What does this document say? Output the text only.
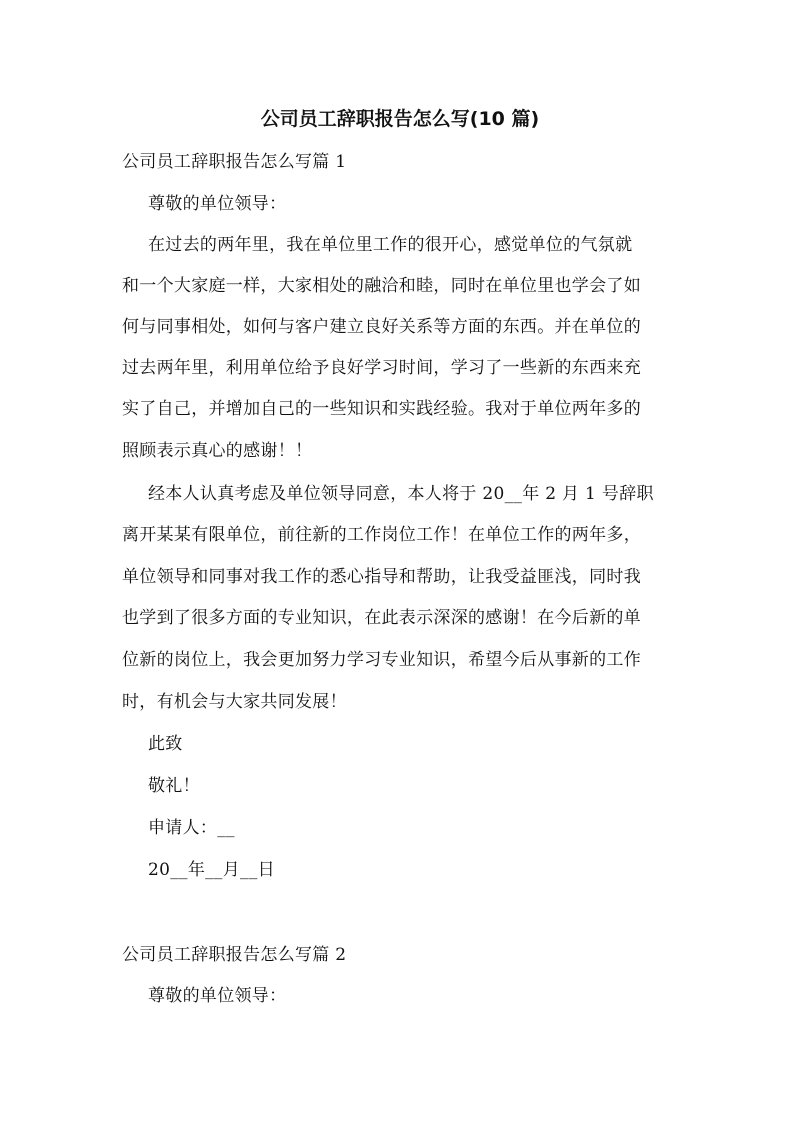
公司员工辞职报告怎么写(10 篇)
公司员工辞职报告怎么写篇 1
尊敬的单位领导：
在过去的两年里，我在单位里工作的很开心，感觉单位的气氛就
和一个大家庭一样，大家相处的融洽和睦，同时在单位里也学会了如
何与同事相处，如何与客户建立良好关系等方面的东西。并在单位的
过去两年里，利用单位给予良好学习时间，学习了一些新的东西来充
实了自己，并增加自己的一些知识和实践经验。我对于单位两年多的
照顾表示真心的感谢！！
经本人认真考虑及单位领导同意，本人将于 20__年 2 月 1 号辞职
离开某某有限单位，前往新的工作岗位工作！在单位工作的两年多，
单位领导和同事对我工作的悉心指导和帮助，让我受益匪浅，同时我
也学到了很多方面的专业知识，在此表示深深的感谢！在今后新的单
位新的岗位上，我会更加努力学习专业知识，希望今后从事新的工作
时，有机会与大家共同发展！
此致
敬礼！
申请人：__
20__年__月__日
公司员工辞职报告怎么写篇 2
尊敬的单位领导：
